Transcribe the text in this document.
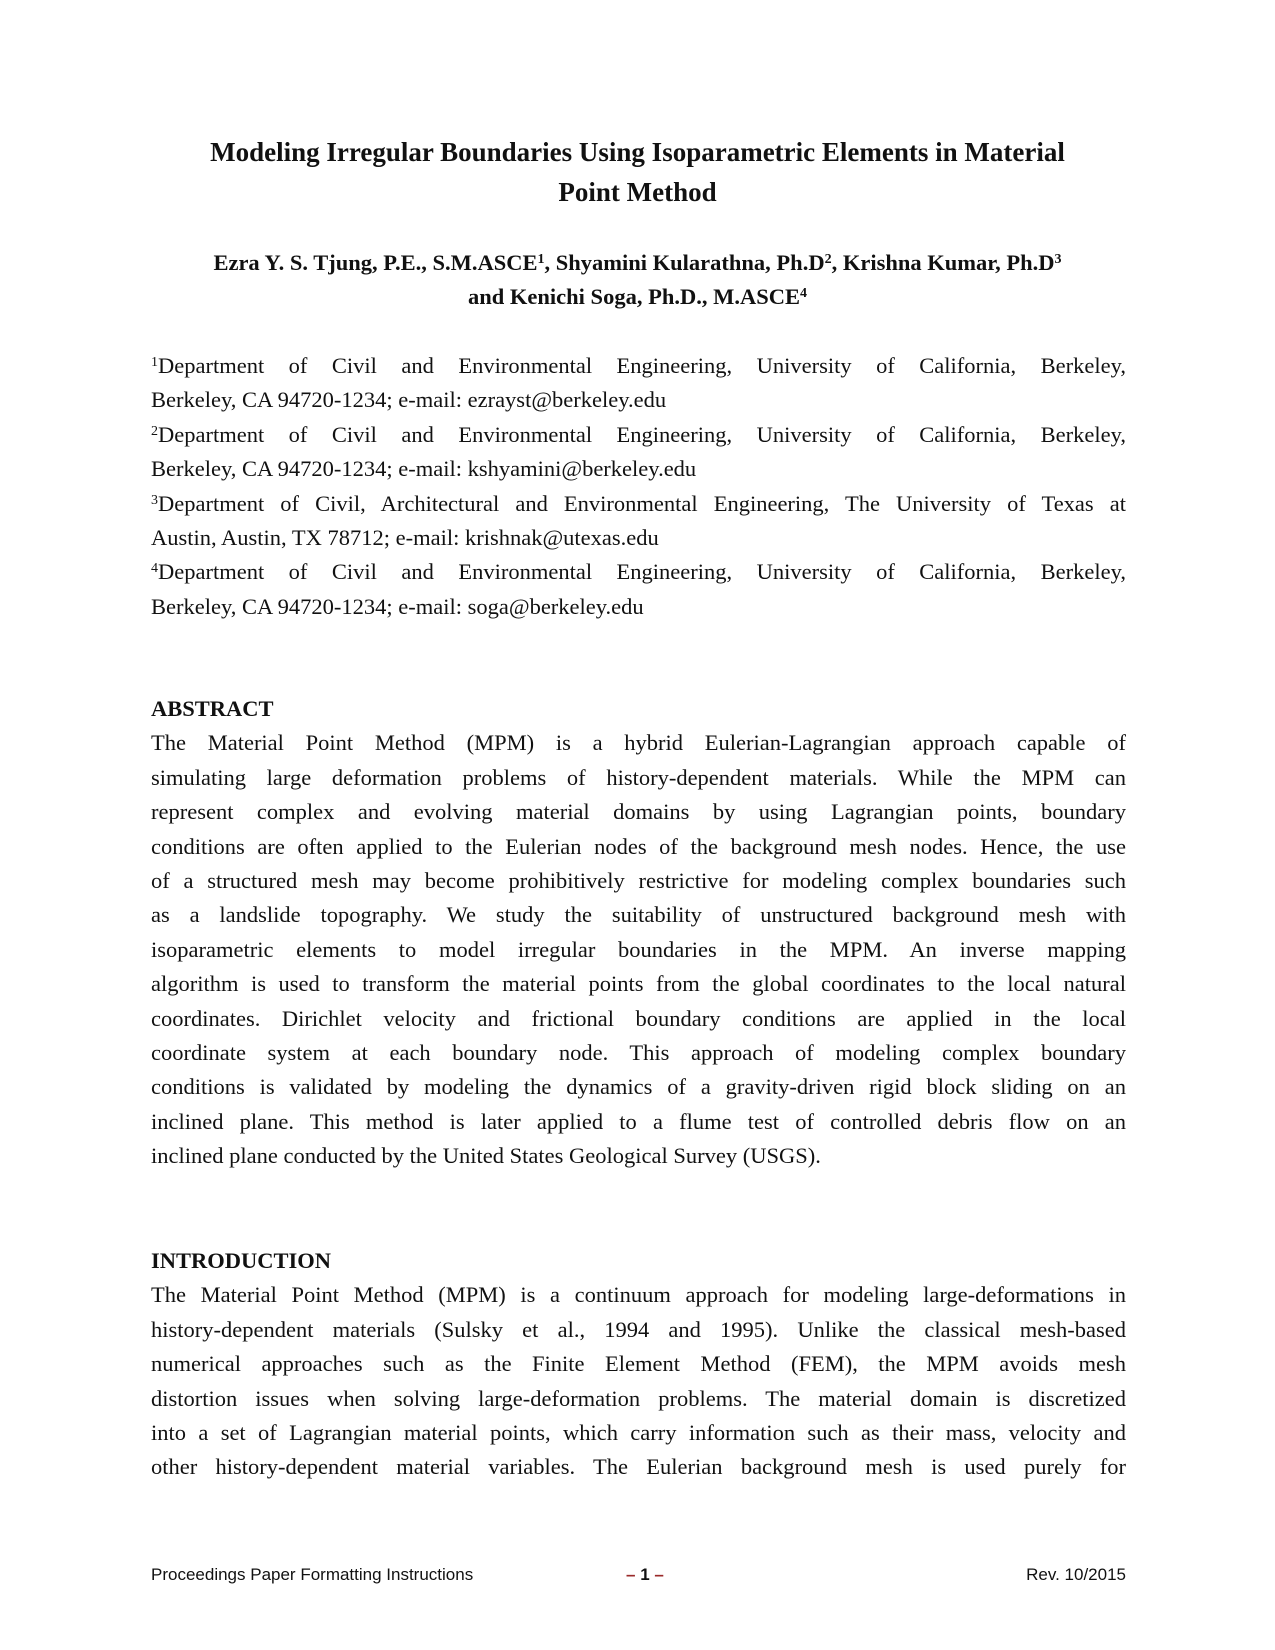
Modeling Irregular Boundaries Using Isoparametric Elements in Material
Point Method
Ezra Y. S. Tjung, P.E., S.M.ASCE$^1$, Shyamini Kularathna, $Ph.D^2$, Krishna Kumar, $Ph.D^3$
and Kenichi Soga, Ph.D., M.ASCE$^4$
$^1$Department of Civil and Environmental Engineering, University of California, Berkeley,
Berkeley, CA 94720-1234; e-mail: ezrayst@berkeley.edu
$^2$Department of Civil and Environmental Engineering, University of California, Berkeley,
Berkeley, CA 94720-1234; e-mail: kshyamini@berkeley.edu
$^3$Department of Civil, Architectural and Environmental Engineering, The University of Texas at
Austin, Austin, TX 78712; e-mail: krishnak@utexas.edu
$^4$Department of Civil and Environmental Engineering, University of California, Berkeley,
Berkeley, CA 94720-1234; e-mail: soga@berkeley.edu
ABSTRACT
The Material Point Method (MPM) is a hybrid Eulerian-Lagrangian approach capable of
simulating large deformation problems of history-dependent materials. While the MPM can
represent complex and evolving material domains by using Lagrangian points, boundary
conditions are often applied to the Eulerian nodes of the background mesh nodes. Hence, the use
of a structured mesh may become prohibitively restrictive for modeling complex boundaries such
as a landslide topography. We study the suitability of unstructured background mesh with
isoparametric elements to model irregular boundaries in the MPM. An inverse mapping
algorithm is used to transform the material points from the global coordinates to the local natural
coordinates. Dirichlet velocity and frictional boundary conditions are applied in the local
coordinate system at each boundary node. This approach of modeling complex boundary
conditions is validated by modeling the dynamics of a gravity-driven rigid block sliding on an
inclined plane. This method is later applied to a flume test of controlled debris flow on an
inclined plane conducted by the United States Geological Survey (USGS).
INTRODUCTION
The Material Point Method (MPM) is a continuum approach for modeling large-deformations in
history-dependent materials (Sulsky et al., 1994 and 1995). Unlike the classical mesh-based
numerical approaches such as the Finite Element Method (FEM), the MPM avoids mesh
distortion issues when solving large-deformation problems. The material domain is discretized
into a set of Lagrangian material points, which carry information such as their mass, velocity and
other history-dependent material variables. The Eulerian background mesh is used purely for
Proceedings Paper Formatting Instructions	– 1 –	Rev. 10/2015
